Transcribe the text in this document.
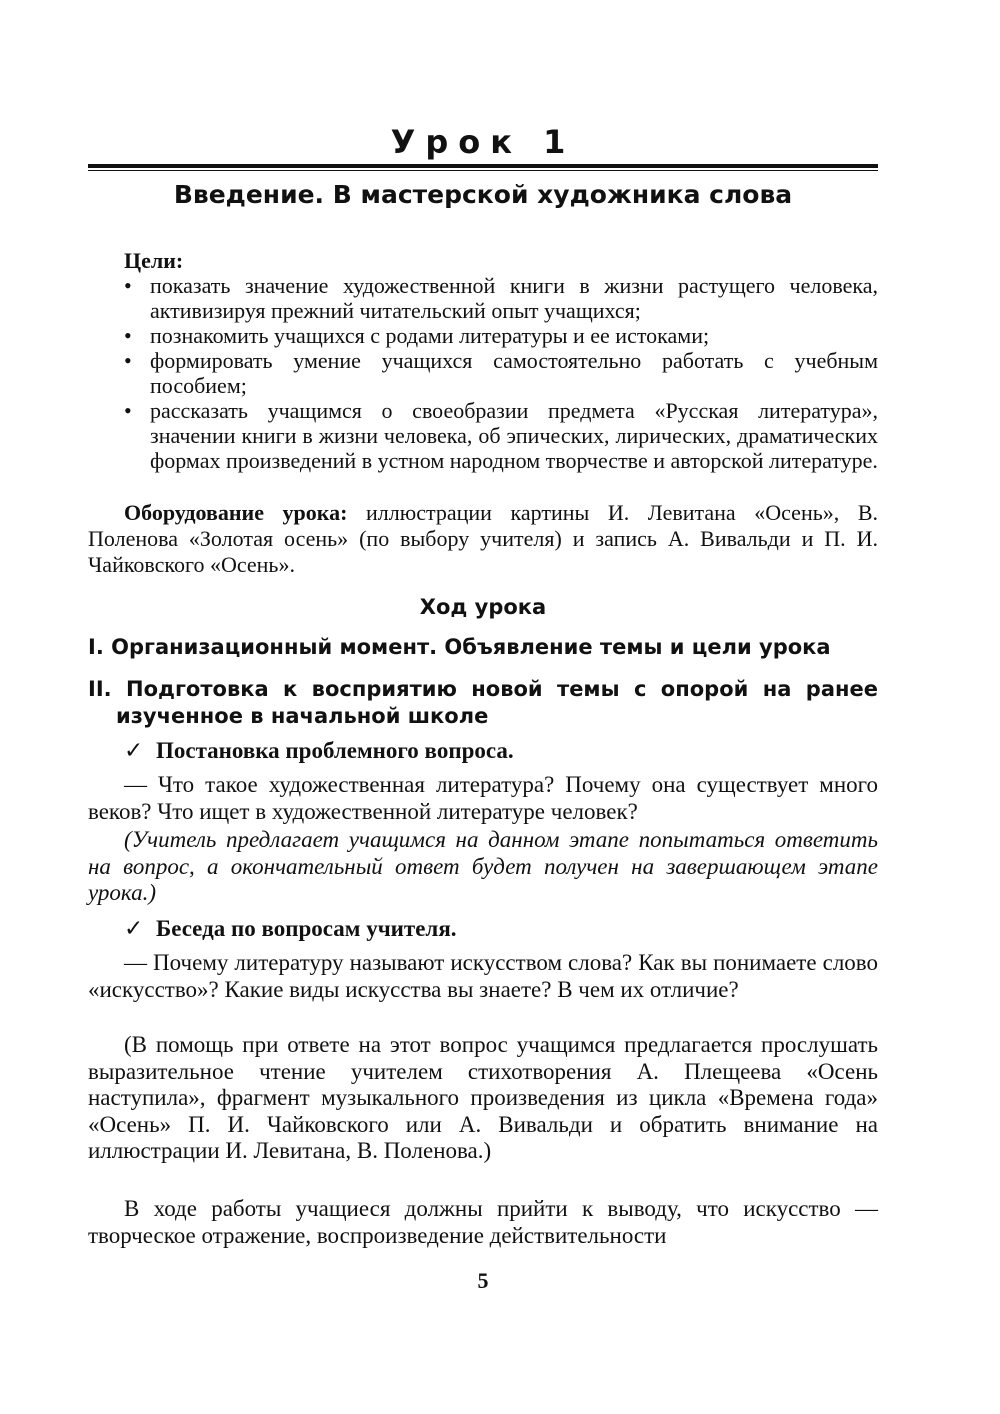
Урок 1
Введение. В мастерской художника слова
Цели:
• показать значение художественной книги в жизни растущего человека, активизируя прежний читательский опыт учащихся;
• познакомить учащихся с родами литературы и ее истоками;
• формировать умение учащихся самостоятельно работать с учебным пособием;
• рассказать учащимся о своеобразии предмета «Русская литература», значении книги в жизни человека, об эпических, лирических, драматических формах произведений в устном народном творчестве и авторской литературе.
Оборудование урока: иллюстрации картины И. Левитана «Осень», В. Поленова «Золотая осень» (по выбору учителя) и запись А. Вивальди и П. И. Чайковского «Осень».
Ход урока
I. Организационный момент. Объявление темы и цели урока
II. Подготовка к восприятию новой темы с опорой на ранее изученное в начальной школе
✓ Постановка проблемного вопроса.
— Что такое художественная литература? Почему она существует много веков? Что ищет в художественной литературе человек?
(Учитель предлагает учащимся на данном этапе попытаться ответить на вопрос, а окончательный ответ будет получен на завершающем этапе урока.)
✓ Беседа по вопросам учителя.
— Почему литературу называют искусством слова? Как вы понимаете слово «искусство»? Какие виды искусства вы знаете? В чем их отличие?
(В помощь при ответе на этот вопрос учащимся предлагается прослушать выразительное чтение учителем стихотворения А. Плещеева «Осень наступила», фрагмент музыкального произведения из цикла «Времена года» «Осень» П. И. Чайковского или А. Вивальди и обратить внимание на иллюстрации И. Левитана, В. Поленова.)
В ходе работы учащиеся должны прийти к выводу, что искусство — творческое отражение, воспроизведение действительности
5
